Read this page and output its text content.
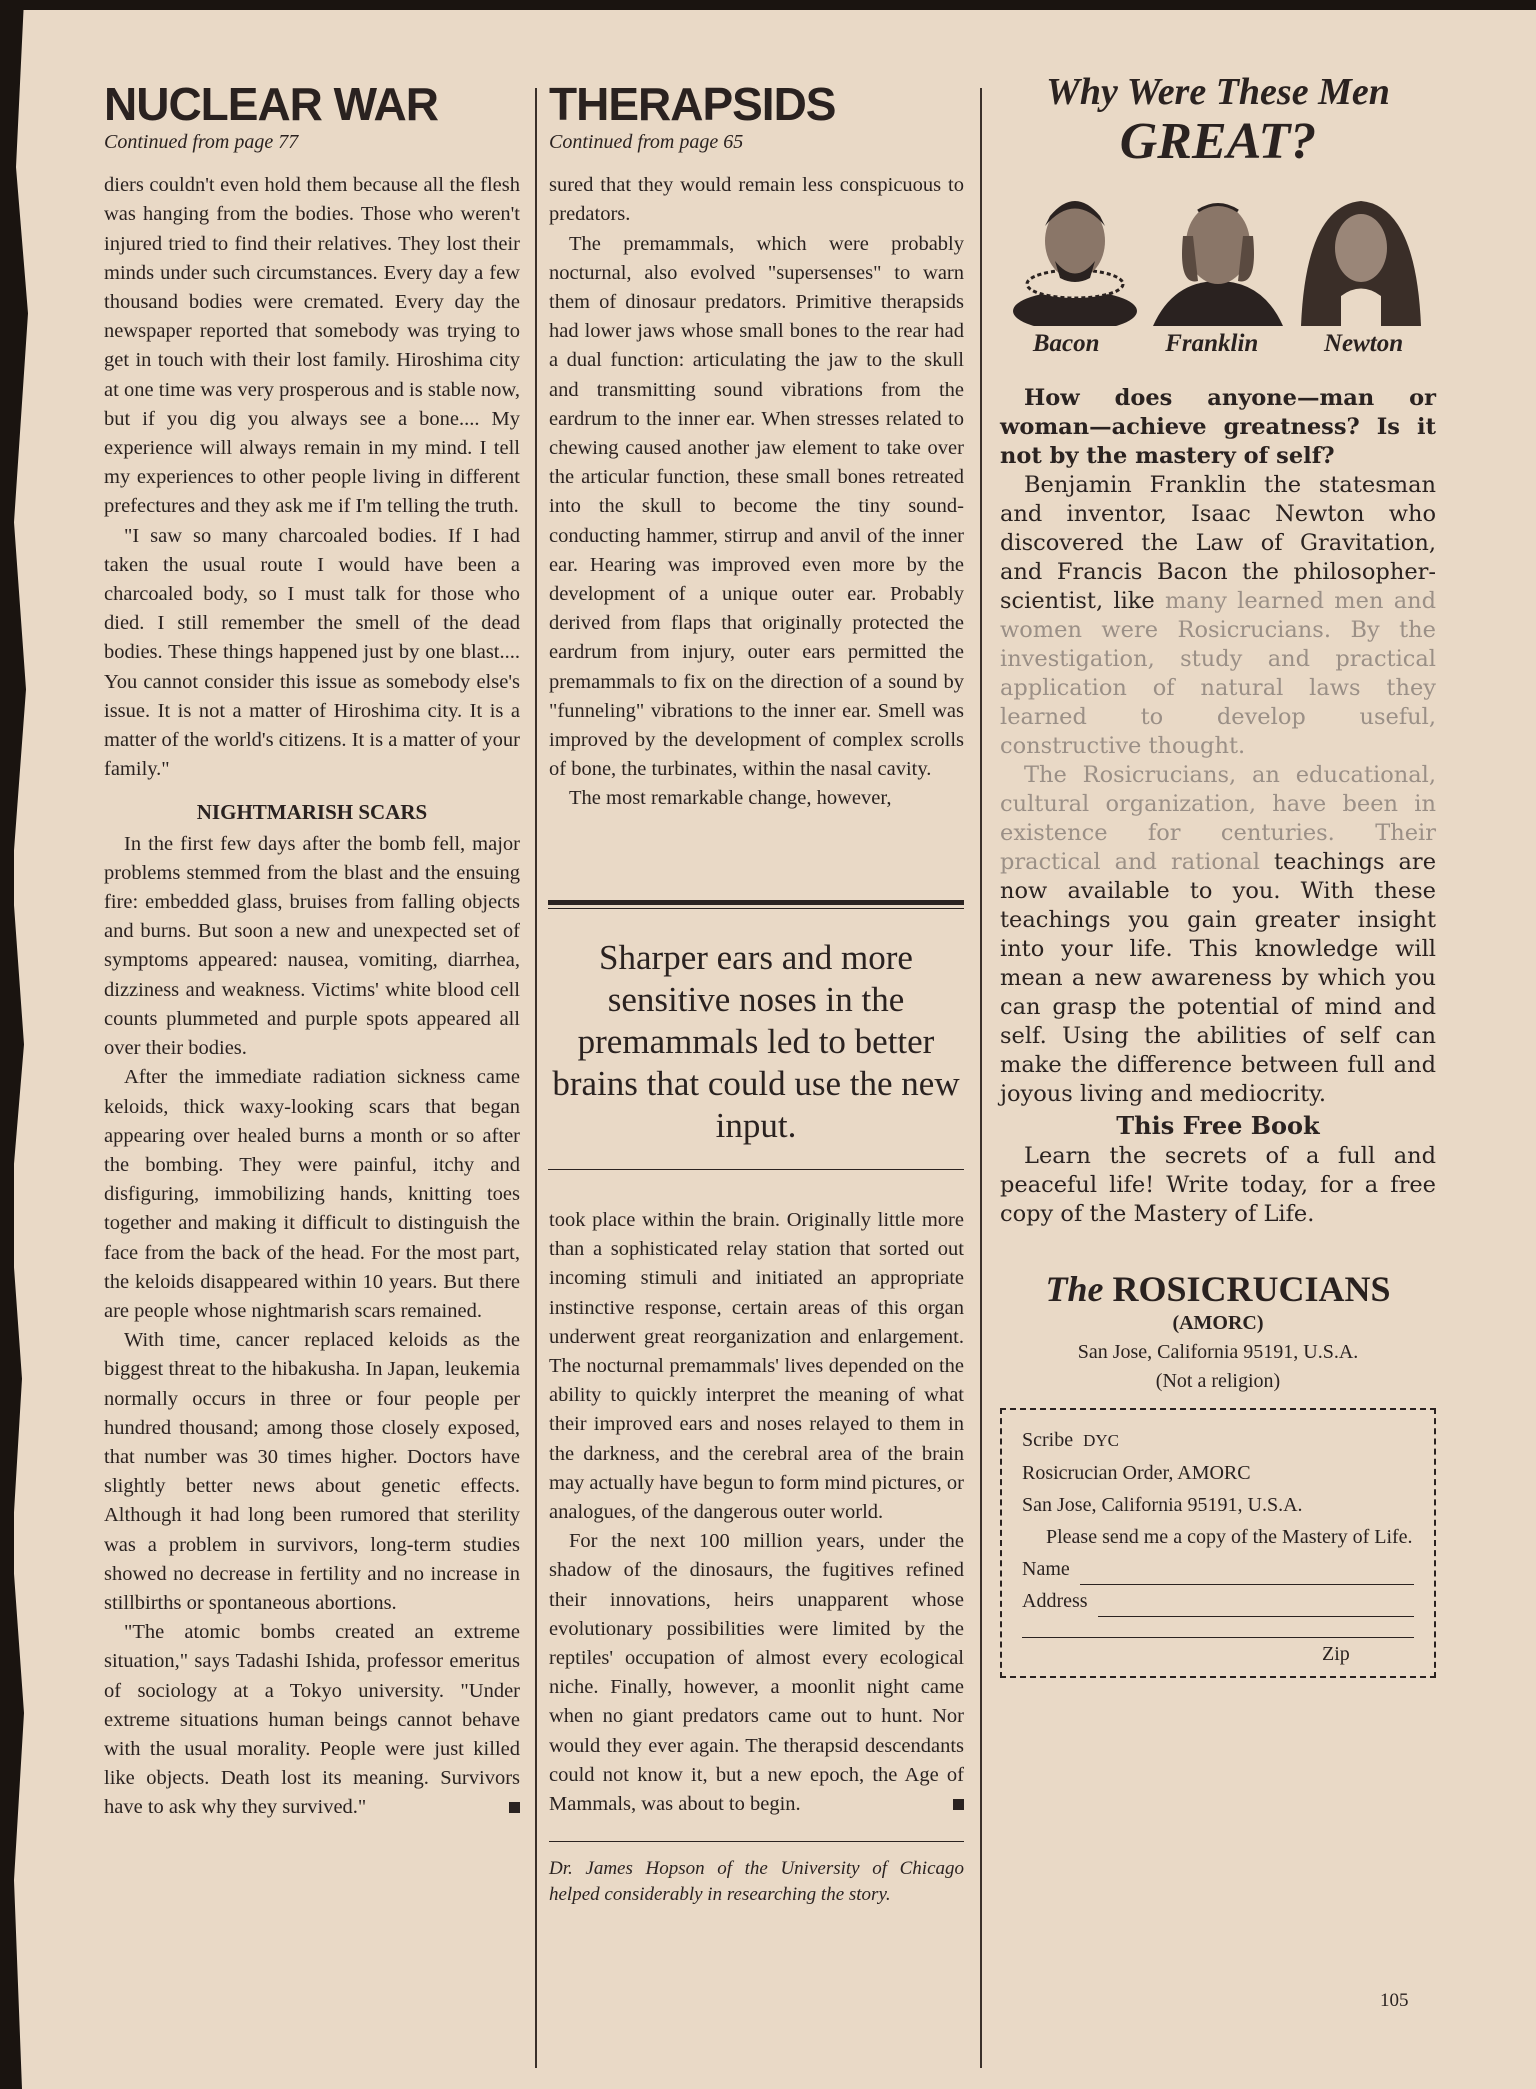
NUCLEAR WAR
Continued from page 77

diers couldn't even hold them because all the flesh was hanging from the bodies. Those who weren't injured tried to find their relatives. They lost their minds under such circumstances. Every day a few thousand bodies were cremated. Every day the newspaper reported that somebody was trying to get in touch with their lost family. Hiroshima city at one time was very prosperous and is stable now, but if you dig you always see a bone.... My experience will always remain in my mind. I tell my experiences to other people living in different prefectures and they ask me if I'm telling the truth.

"I saw so many charcoaled bodies. If I had taken the usual route I would have been a charcoaled body, so I must talk for those who died. I still remember the smell of the dead bodies. These things happened just by one blast.... You cannot consider this issue as somebody else's issue. It is not a matter of Hiroshima city. It is a matter of the world's citizens. It is a matter of your family."

NIGHTMARISH SCARS

In the first few days after the bomb fell, major problems stemmed from the blast and the ensuing fire: embedded glass, bruises from falling objects and burns. But soon a new and unexpected set of symptoms appeared: nausea, vomiting, diarrhea, dizziness and weakness. Victims' white blood cell counts plummeted and purple spots appeared all over their bodies.

After the immediate radiation sickness came keloids, thick waxy-looking scars that began appearing over healed burns a month or so after the bombing. They were painful, itchy and disfiguring, immobilizing hands, knitting toes together and making it difficult to distinguish the face from the back of the head. For the most part, the keloids disappeared within 10 years. But there are people whose nightmarish scars remained.

With time, cancer replaced keloids as the biggest threat to the hibakusha. In Japan, leukemia normally occurs in three or four people per hundred thousand; among those closely exposed, that number was 30 times higher. Doctors have slightly better news about genetic effects. Although it had long been rumored that sterility was a problem in survivors, long-term studies showed no decrease in fertility and no increase in stillbirths or spontaneous abortions.

"The atomic bombs created an extreme situation," says Tadashi Ishida, professor emeritus of sociology at a Tokyo university. "Under extreme situations human beings cannot behave with the usual morality. People were just killed like objects. Death lost its meaning. Survivors have to ask why they survived."

THERAPSIDS
Continued from page 65

sured that they would remain less conspicuous to predators.

The premammals, which were probably nocturnal, also evolved "supersenses" to warn them of dinosaur predators. Primitive therapsids had lower jaws whose small bones to the rear had a dual function: articulating the jaw to the skull and transmitting sound vibrations from the eardrum to the inner ear. When stresses related to chewing caused another jaw element to take over the articular function, these small bones retreated into the skull to become the tiny sound-conducting hammer, stirrup and anvil of the inner ear. Hearing was improved even more by the development of a unique outer ear. Probably derived from flaps that originally protected the eardrum from injury, outer ears permitted the premammals to fix on the direction of a sound by "funneling" vibrations to the inner ear. Smell was improved by the development of complex scrolls of bone, the turbinates, within the nasal cavity.

The most remarkable change, however,

Sharper ears and more sensitive noses in the premammals led to better brains that could use the new input.

took place within the brain. Originally little more than a sophisticated relay station that sorted out incoming stimuli and initiated an appropriate instinctive response, certain areas of this organ underwent great reorganization and enlargement. The nocturnal premammals' lives depended on the ability to quickly interpret the meaning of what their improved ears and noses relayed to them in the darkness, and the cerebral area of the brain may actually have begun to form mind pictures, or analogues, of the dangerous outer world.

For the next 100 million years, under the shadow of the dinosaurs, the fugitives refined their innovations, heirs unapparent whose evolutionary possibilities were limited by the reptiles' occupation of almost every ecological niche. Finally, however, a moonlit night came when no giant predators came out to hunt. Nor would they ever again. The therapsid descendants could not know it, but a new epoch, the Age of Mammals, was about to begin.

Dr. James Hopson of the University of Chicago helped considerably in researching the story.
Why Were These Men
GREAT?
Bacon	Franklin	Newton

How does anyone—man or woman—achieve greatness? Is it not by the mastery of self?

Benjamin Franklin the statesman and inventor, Isaac Newton who discovered the Law of Gravitation, and Francis Bacon the philosopher-scientist, like many learned men and women were Rosicrucians. By the investigation, study and practical application of natural laws they learned to develop useful, constructive thought.

The Rosicrucians, an educational, cultural organization, have been in existence for centuries. Their practical and rational teachings are now available to you. With these teachings you gain greater insight into your life. This knowledge will mean a new awareness by which you can grasp the potential of mind and self. Using the abilities of self can make the difference between full and joyous living and mediocrity.

This Free Book

Learn the secrets of a full and peaceful life! Write today, for a free copy of the Mastery of Life.

The ROSICRUCIANS
(AMORC)
San Jose, California 95191, U.S.A.
(Not a religion)
Scribe DYC
Rosicrucian Order, AMORC
San Jose, California 95191, U.S.A.
Please send me a copy of the Mastery of Life.
Name
Address
Zip
105
